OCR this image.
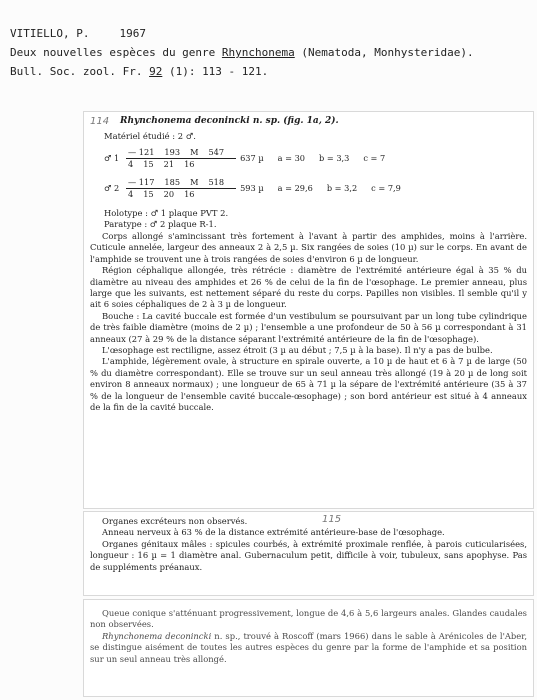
VITIELLO, P.	1967
Deux nouvelles espèces du genre Rhynchonema (Nematoda, Monhysteridae).
Bull. Soc. zool. Fr. 92 (1): 113 - 121.
114 Rhynchonema deconincki n. sp. (fig. 1a, 2).
Matériel étudié : 2 ♂.
♂ $1 \frac{— 121 193 M 547}{4 15 21 16} 637$ µ a = 30 b = 3,3 c = 7
♂ $2 \frac{— 117 185 M 518}{4 15 20 16} 593$ µ a = 29,6 b = 3,2 c = 7,9
Holotype : ♂ 1 plaque PVT 2.
Paratype : ♂ 2 plaque R-1.

Corps allongé s'amincissant très fortement à l'avant à partir des amphides, moins à l'arrière. Cuticule annelée, largeur des anneaux 2 à 2,5 µ. Six rangées de soies (10 µ) sur le corps. En avant de l'amphide se trouvent une à trois rangées de soies d'environ 6 µ de longueur.

Région céphalique allongée, très rétrécie : diamètre de l'extrémité antérieure égal à 35 % du diamètre au niveau des amphides et 26 % de celui de la fin de l'œsophage. Le premier anneau, plus large que les suivants, est nettement séparé du reste du corps. Papilles non visibles. Il semble qu'il y ait 6 soies céphaliques de 2 à 3 µ de longueur.

Bouche : La cavité buccale est formée d'un vestibulum se poursuivant par un long tube cylindrique de très faible diamètre (moins de 2 µ) ; l'ensemble a une profondeur de 50 à 56 µ correspondant à 31 anneaux (27 à 29 % de la distance séparant l'extrémité antérieure de la fin de l'œsophage).

L'œsophage est rectiligne, assez étroit (3 µ au début ; 7,5 µ à la base). Il n'y a pas de bulbe.

L'amphide, légèrement ovale, à structure en spirale ouverte, a 10 µ de haut et 6 à 7 µ de large (50 % du diamètre correspondant). Elle se trouve sur un seul anneau très allongé (19 à 20 µ de long soit environ 8 anneaux normaux) ; une longueur de 65 à 71 µ la sépare de l'extrémité antérieure (35 à 37 % de la longueur de l'ensemble cavité buccale-œsophage) ; son bord antérieur est situé à 4 anneaux de la fin de la cavité buccale.

115

Organes excréteurs non observés.

Anneau nerveux à 63 % de la distance extrémité antérieure-base de l'œsophage.

Organes génitaux mâles : spicules courbés, à extrémité proximale renflée, à parois cuticularisées, longueur : 16 µ = 1 diamètre anal. Gubernaculum petit, difficile à voir, tubuleux, sans apophyse. Pas de suppléments préanaux.

Queue conique s'atténuant progressivement, longue de 4,6 à 5,6 largeurs anales. Glandes caudales non observées.

Rhynchonema deconincki n. sp., trouvé à Roscoff (mars 1966) dans le sable à Arénicoles de l'Aber, se distingue aisément de toutes les autres espèces du genre par la forme de l'amphide et sa position sur un seul anneau très allongé.
